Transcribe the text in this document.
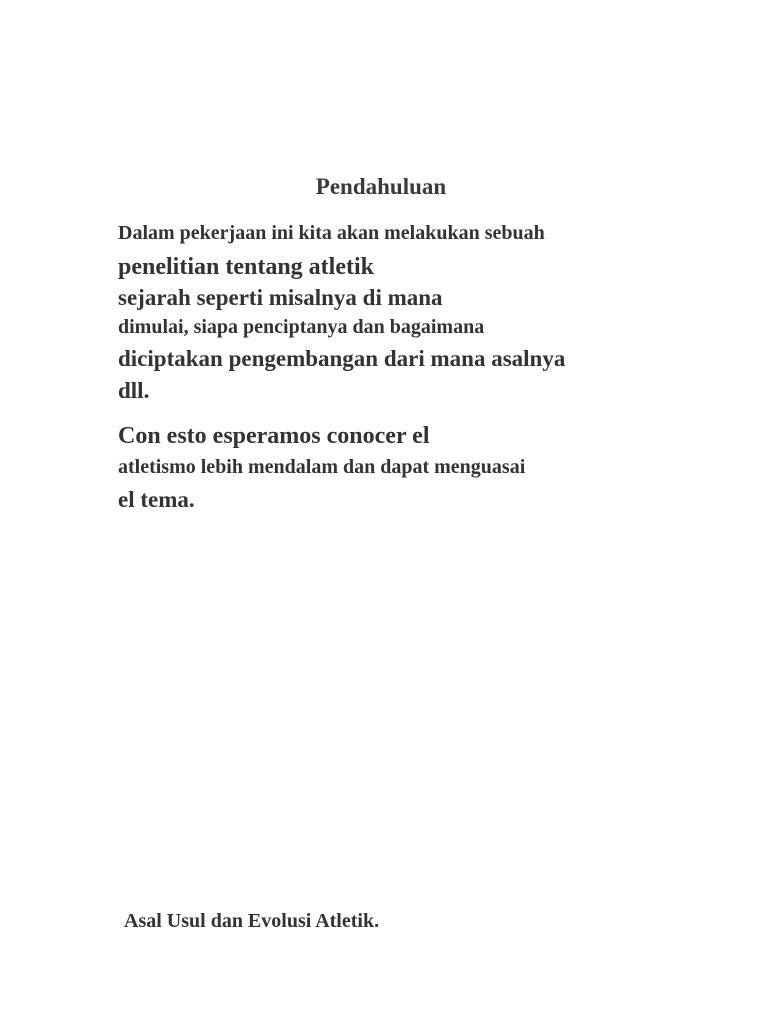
Pendahuluan

Dalam pekerjaan ini kita akan melakukan sebuah

penelitian tentang atletik

sejarah seperti misalnya di mana

dimulai, siapa penciptanya dan bagaimana

diciptakan pengembangan dari mana asalnya

dll.

Con esto esperamos conocer el

atletismo lebih mendalam dan dapat menguasai

el tema.

Asal Usul dan Evolusi Atletik.
